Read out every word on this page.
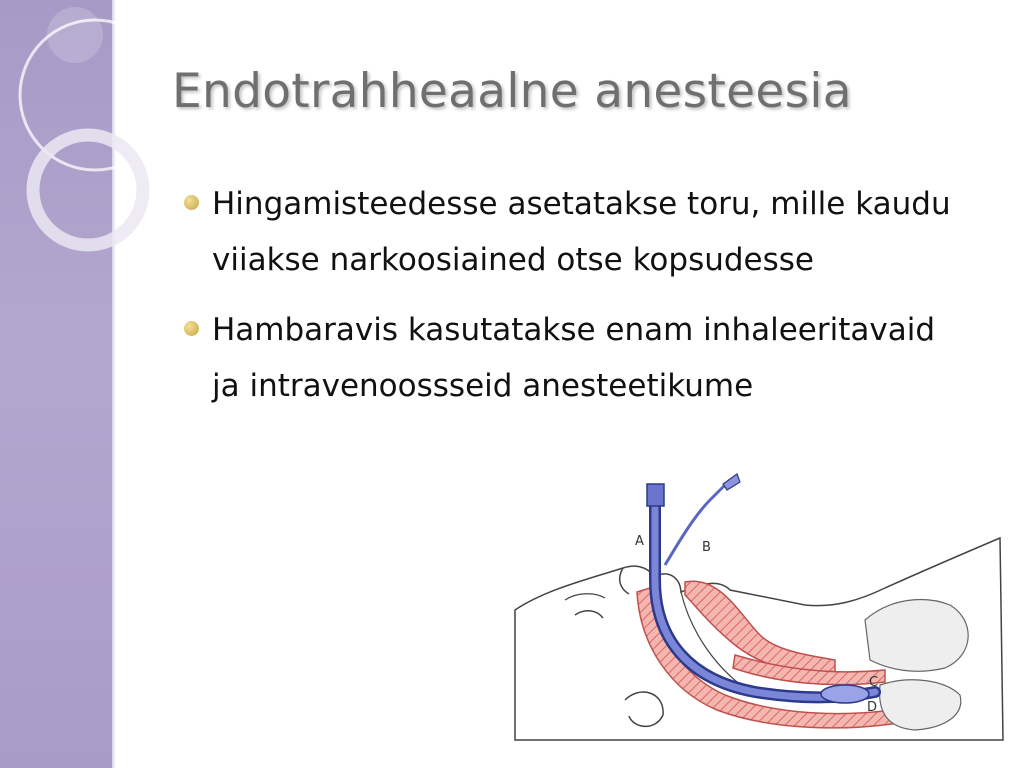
Endotrahheaalne anesteesia
Hingamisteedesse asetatakse toru, mille kaudu viiakse narkoosiained otse kopsudesse
Hambaravis kasutatakse enam inhaleeritavaid ja intravenoossseid anesteetikume
A	B
C
D
